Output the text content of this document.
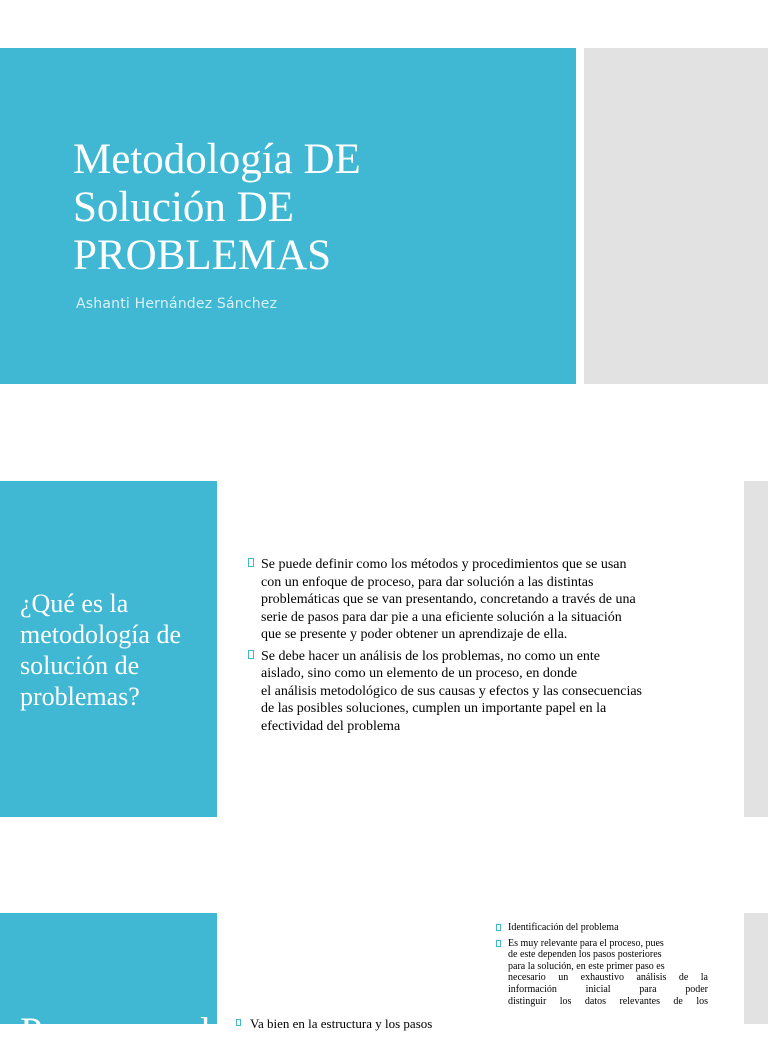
Metodología DE
Solución DE
PROBLEMAS
Ashanti Hernández Sánchez
¿Qué es la
metodología de
solución de
problemas?
Se puede definir como los métodos y procedimientos que se usan
con un enfoque de proceso, para dar solución a las distintas
problemáticas que se van presentando, concretando a través de una
serie de pasos para dar pie a una eficiente solución a la situación
que se presente y poder obtener un aprendizaje de ella.
Se debe hacer un análisis de los problemas, no como un ente
aislado, sino como un elemento de un proceso, en donde
el análisis metodológico de sus causas y efectos y las consecuencias
de las posibles soluciones, cumplen un importante papel en la
efectividad del problema
Pasos para la Va bien en la estructura y los pasos
Identificación del problema
Es muy relevante para el proceso, pues
de este dependen los pasos posteriores
para la solución, en este primer paso es
necesario un exhaustivo análisis de la
información inicial para poder
distinguir los datos relevantes de los
